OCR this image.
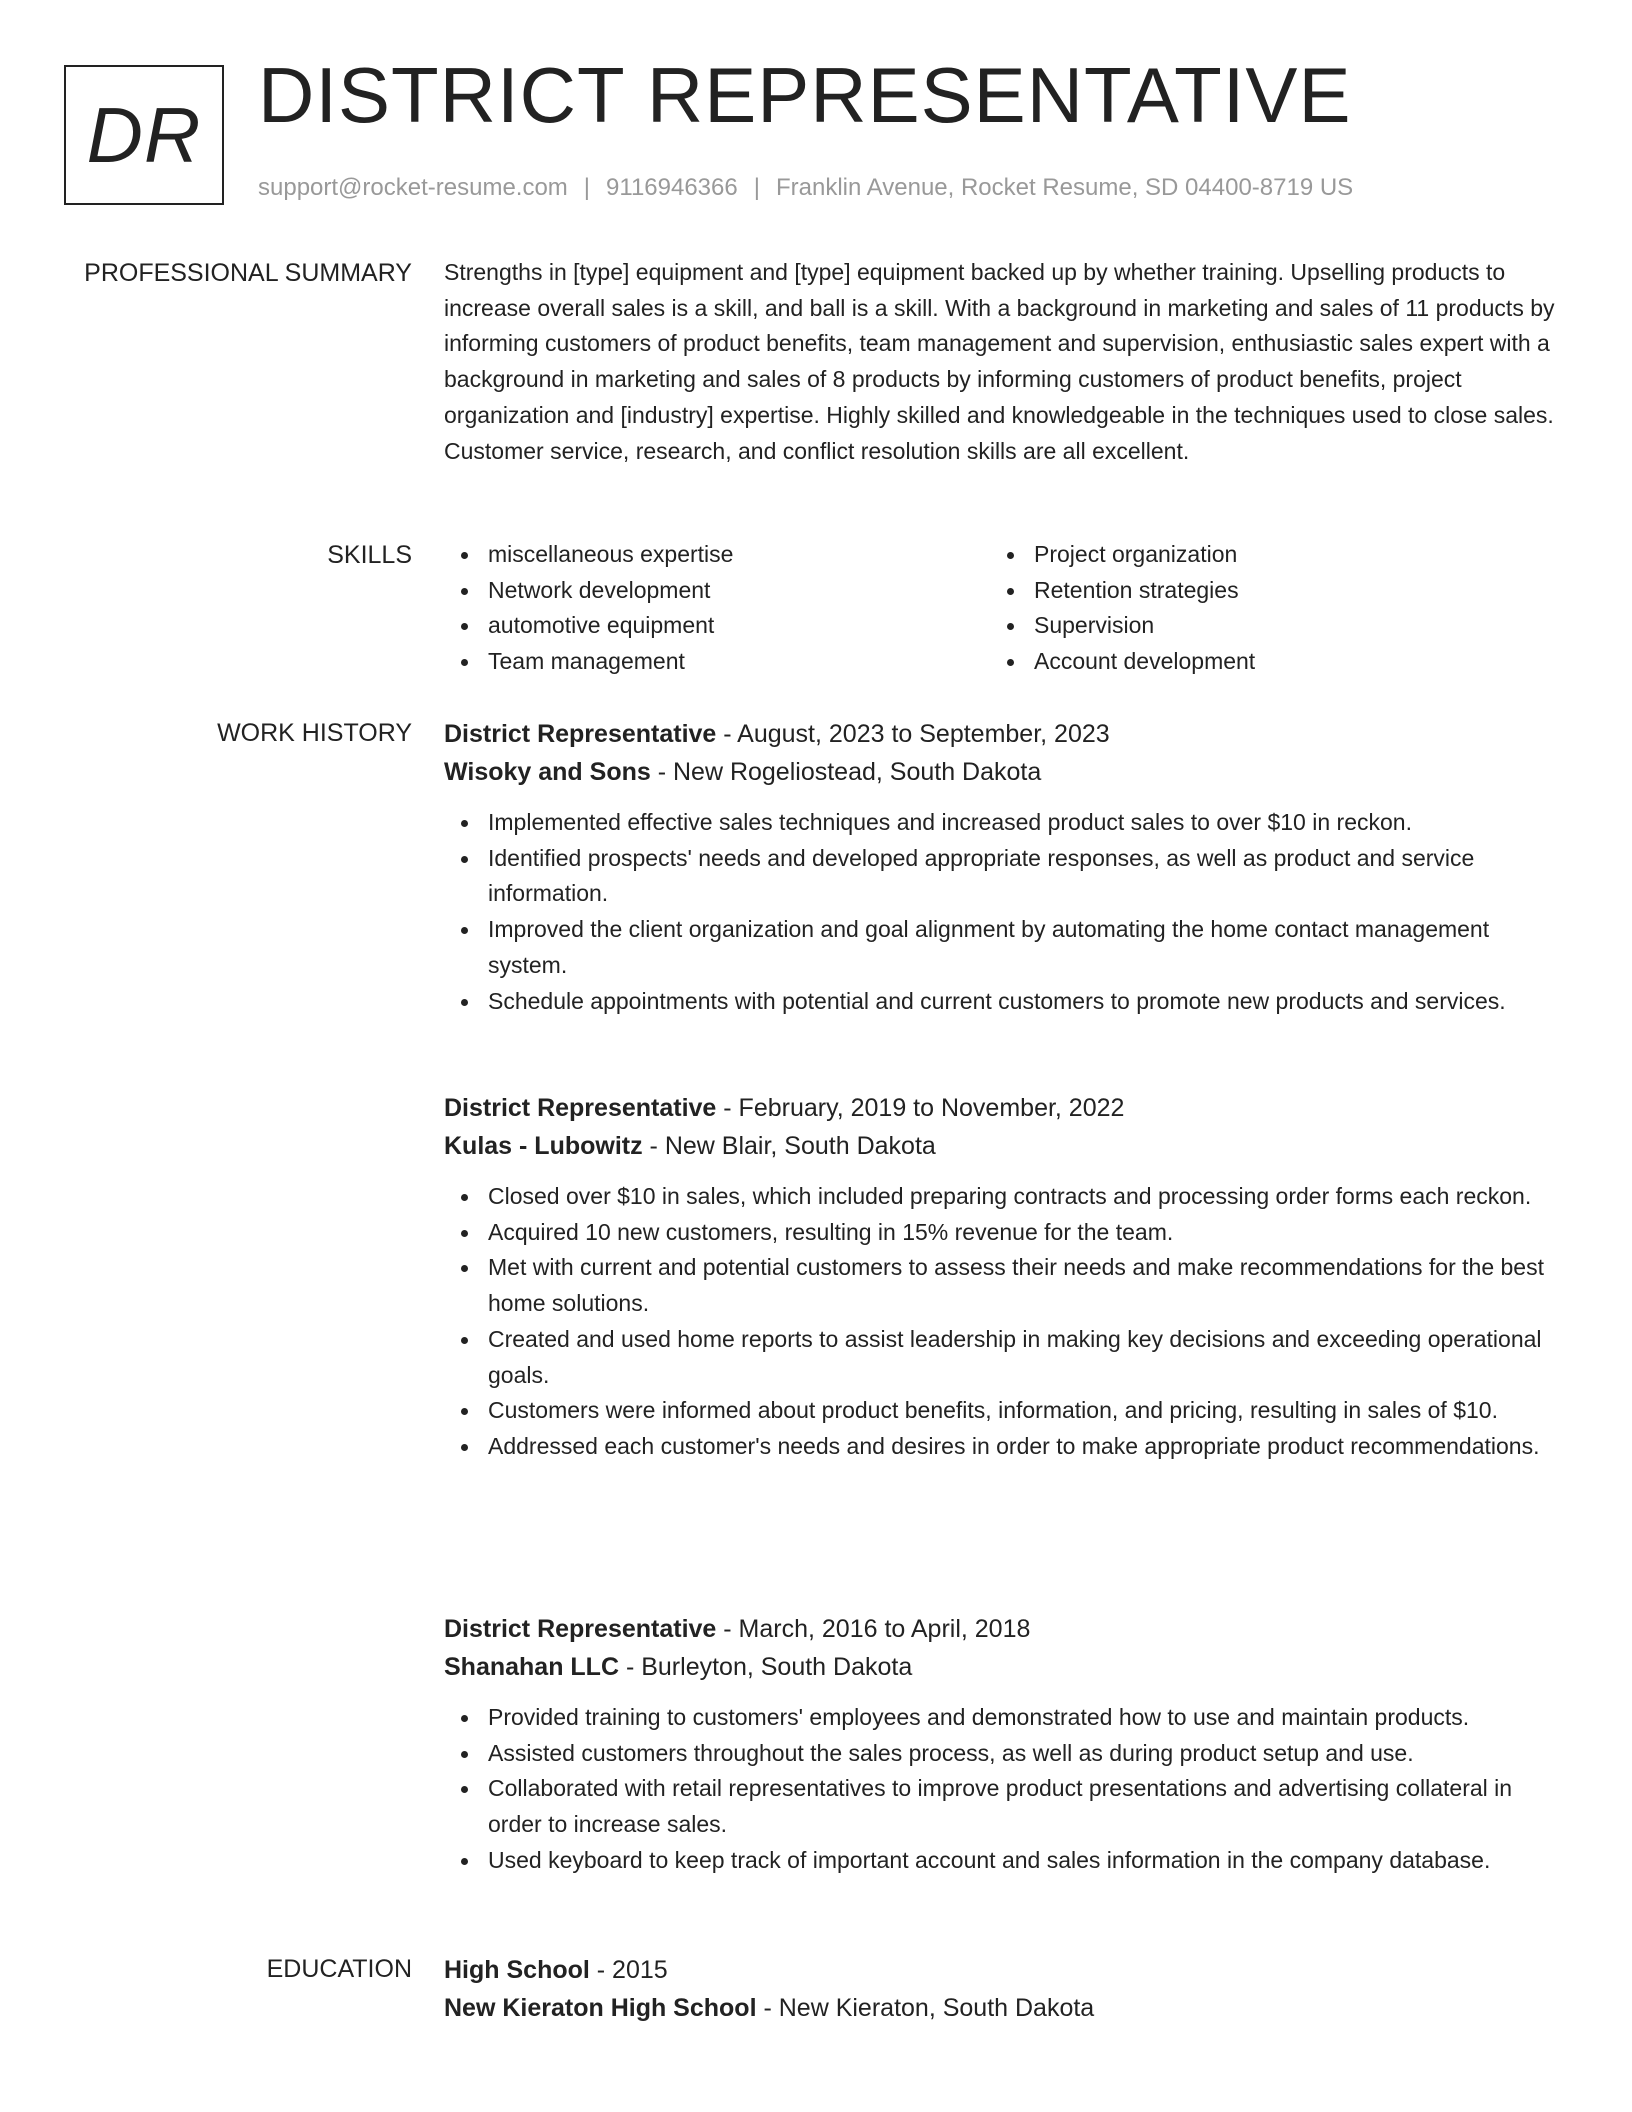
DR DISTRICT REPRESENTATIVE
support@rocket-resume.com | 9116946366 | Franklin Avenue, Rocket Resume, SD 04400-8719 US
PROFESSIONAL SUMMARY Strengths in [type] equipment and [type] equipment backed up by whether training. Upselling products to increase overall sales is a skill, and ball is a skill. With a background in marketing and sales of 11 products by informing customers of product benefits, team management and supervision, enthusiastic sales expert with a background in marketing and sales of 8 products by informing customers of product benefits, project organization and [industry] expertise. Highly skilled and knowledgeable in the techniques used to close sales. Customer service, research, and conflict resolution skills are all excellent.

SKILLS	miscellaneous expertise
Network development
automotive equipment
Team management
Project organization
Retention strategies
Supervision
Account development
WORK HISTORY District Representative - August, 2023 to September, 2023
Wisoky and Sons - New Rogeliostead, South Dakota
Implemented effective sales techniques and increased product sales to over $10 in reckon.
Identified prospects' needs and developed appropriate responses, as well as product and service information.
Improved the client organization and goal alignment by automating the home contact management system.
Schedule appointments with potential and current customers to promote new products and services.
District Representative - February, 2019 to November, 2022
Kulas - Lubowitz - New Blair, South Dakota
Closed over $10 in sales, which included preparing contracts and processing order forms each reckon.
Acquired 10 new customers, resulting in 15% revenue for the team.
Met with current and potential customers to assess their needs and make recommendations for the best home solutions.
Created and used home reports to assist leadership in making key decisions and exceeding operational goals.
Customers were informed about product benefits, information, and pricing, resulting in sales of $10.
Addressed each customer's needs and desires in order to make appropriate product recommendations.
District Representative - March, 2016 to April, 2018
Shanahan LLC - Burleyton, South Dakota
Provided training to customers' employees and demonstrated how to use and maintain products.
Assisted customers throughout the sales process, as well as during product setup and use.
Collaborated with retail representatives to improve product presentations and advertising collateral in order to increase sales.
Used keyboard to keep track of important account and sales information in the company database.
EDUCATION High School - 2015
New Kieraton High School - New Kieraton, South Dakota
